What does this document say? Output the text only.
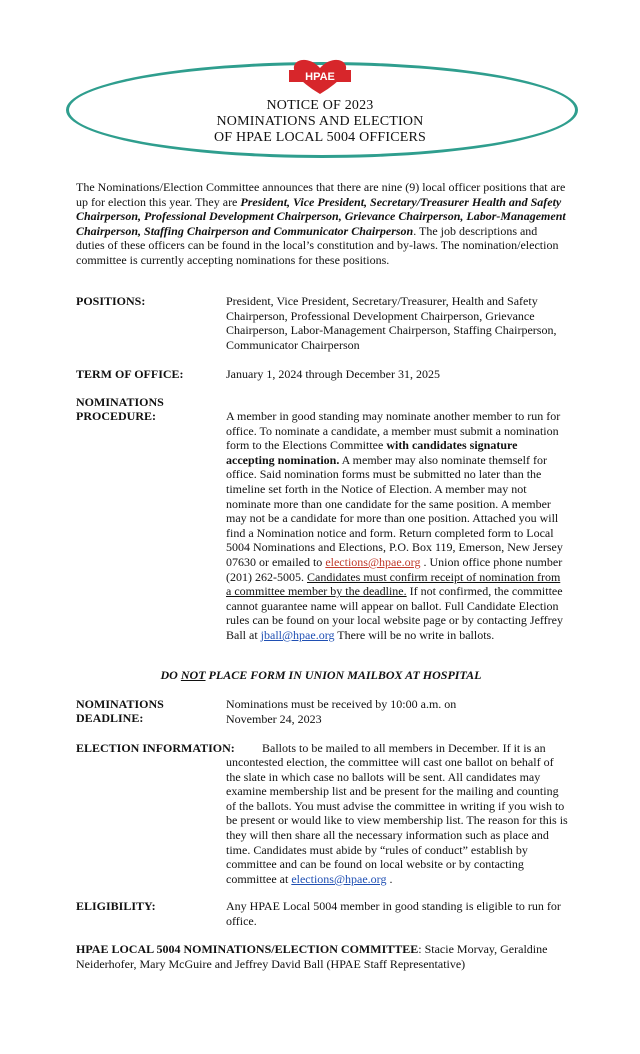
HPAE
NOTICE OF 2023
NOMINATIONS AND ELECTION
OF HPAE LOCAL 5004 OFFICERS
The Nominations/Election Committee announces that there are nine (9) local officer positions that are up for election this year. They are President, Vice President, Secretary/Treasurer Health and Safety Chairperson, Professional Development Chairperson, Grievance Chairperson, Labor-Management Chairperson, Staffing Chairperson and Communicator Chairperson. The job descriptions and duties of these officers can be found in the local’s constitution and by-laws. The nomination/election committee is currently accepting nominations for these positions.
POSITIONS:	President, Vice President, Secretary/Treasurer, Health and Safety Chairperson, Professional Development Chairperson, Grievance Chairperson, Labor-Management Chairperson, Staffing Chairperson, Communicator Chairperson
TERM OF OFFICE:	January 1, 2024 through December 31, 2025
NOMINATIONS
PROCEDURE:	A member in good standing may nominate another member to run for office. To nominate a candidate, a member must submit a nomination form to the Elections Committee with candidates signature accepting nomination. A member may also nominate themself for office. Said nomination forms must be submitted no later than the timeline set forth in the Notice of Election. A member may not nominate more than one candidate for the same position. A member may not be a candidate for more than one position. Attached you will find a Nomination notice and form. Return completed form to Local 5004 Nominations and Elections, P.O. Box 119, Emerson, New Jersey 07630 or emailed to elections@hpae.org . Union office phone number (201) 262-5005. Candidates must confirm receipt of nomination from a committee member by the deadline. If not confirmed, the committee cannot guarantee name will appear on ballot. Full Candidate Election rules can be found on your local website page or by contacting Jeffrey Ball at jball@hpae.org There will be no write in ballots.
DO NOT PLACE FORM IN UNION MAILBOX AT HOSPITAL
NOMINATIONS
DEADLINE:
Nominations must be received by 10:00 a.m. on
November 24, 2023
ELECTION INFORMATION: Ballots to be mailed to all members in December. If it is an
uncontested election, the committee will cast one ballot on behalf of the slate in which case no ballots will be sent. All candidates may examine membership list and be present for the mailing and counting of the ballots. You must advise the committee in writing if you wish to be present or would like to view membership list. The reason for this is they will then share all the necessary information such as place and time. Candidates must abide by “rules of conduct” establish by committee and can be found on local website or by contacting committee at elections@hpae.org .
ELIGIBILITY:	Any HPAE Local 5004 member in good standing is eligible to run for office.
HPAE LOCAL 5004 NOMINATIONS/ELECTION COMMITTEE: Stacie Morvay, Geraldine Neiderhofer, Mary McGuire and Jeffrey David Ball (HPAE Staff Representative)
